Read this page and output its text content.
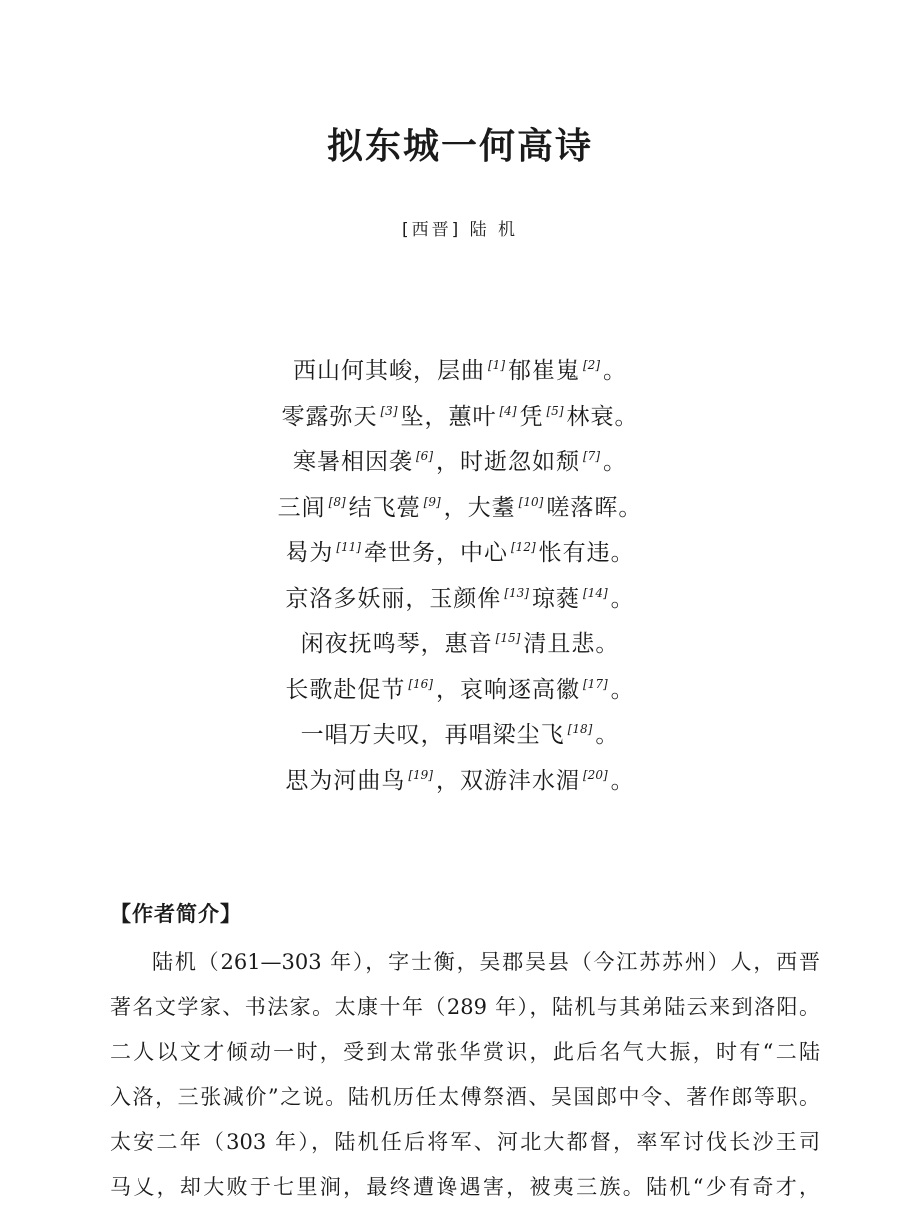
拟东城一何高诗
[西晋] 陆 机
西山何其峻，层曲 [1] 郁崔嵬 [2] 。
零露弥天 [3] 坠，蕙叶 [4] 凭 [5] 林衰。
寒暑相因袭 [6] ，时逝忽如颓 [7] 。
三闾 [8] 结飞甍 [9] ，大耋 [10] 嗟落晖。
曷为 [11] 牵世务，中心 [12] 怅有违。
京洛多妖丽，玉颜侔 [13] 琼蕤 [14] 。
闲夜抚鸣琴，惠音 [15] 清且悲。
长歌赴促节 [16] ，哀响逐高徽 [17] 。
一唱万夫叹，再唱梁尘飞 [18] 。
思为河曲鸟 [19] ，双游沣水湄 [20] 。
【作者简介】
陆机（261—303 年），字士衡，吴郡吴县（今江苏苏州）人，西晋
著名文学家、书法家。太康十年（289 年），陆机与其弟陆云来到洛阳。
二人以文才倾动一时，受到太常张华赏识，此后名气大振，时有“二陆
入洛，三张减价”之说。陆机历任太傅祭酒、吴国郎中令、著作郎等职。
太安二年（303 年），陆机任后将军、河北大都督，率军讨伐长沙王司
马乂，却大败于七里涧，最终遭谗遇害，被夷三族。陆机“少有奇才，
